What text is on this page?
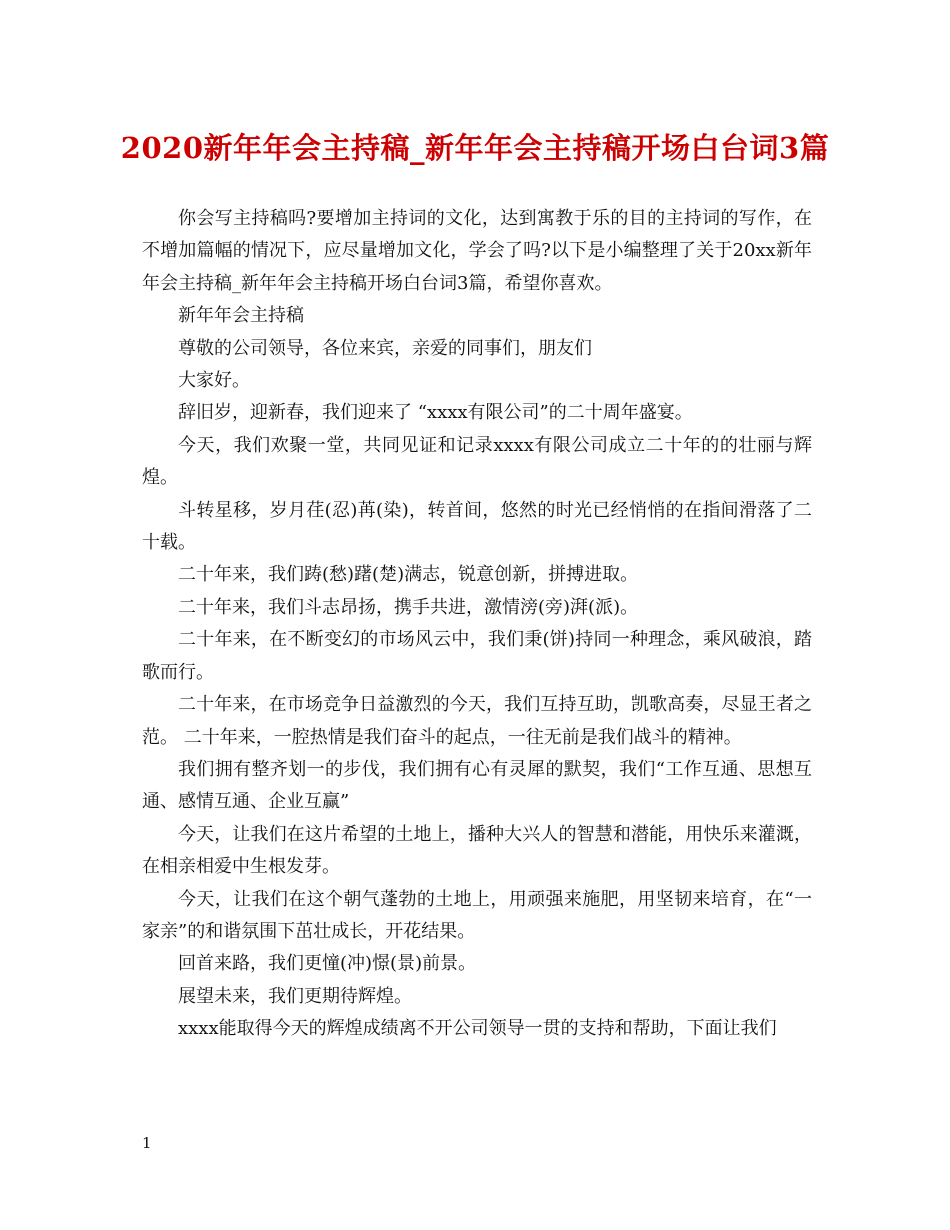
2020新年年会主持稿_新年年会主持稿开场白台词3篇

你会写主持稿吗?要增加主持词的文化，达到寓教于乐的目的主持词的写作，在不增加篇幅的情况下，应尽量增加文化，学会了吗?以下是小编整理了关于20xx新年年会主持稿_新年年会主持稿开场白台词3篇，希望你喜欢。

新年年会主持稿

尊敬的公司领导，各位来宾，亲爱的同事们，朋友们

大家好。

辞旧岁，迎新春，我们迎来了 “xxxx有限公司”的二十周年盛宴。

今天，我们欢聚一堂，共同见证和记录xxxx有限公司成立二十年的的壮丽与辉煌。

斗转星移，岁月荏(忍)苒(染)，转首间，悠然的时光已经悄悄的在指间滑落了二十载。

二十年来，我们踌(愁)躇(楚)满志，锐意创新，拼搏进取。

二十年来，我们斗志昂扬，携手共进，激情滂(旁)湃(派)。

二十年来，在不断变幻的市场风云中，我们秉(饼)持同一种理念，乘风破浪，踏歌而行。

二十年来，在市场竞争日益激烈的今天，我们互持互助，凯歌高奏，尽显王者之范。 二十年来，一腔热情是我们奋斗的起点，一往无前是我们战斗的精神。

我们拥有整齐划一的步伐，我们拥有心有灵犀的默契，我们“工作互通、思想互通、感情互通、企业互赢”

今天，让我们在这片希望的土地上，播种大兴人的智慧和潜能，用快乐来灌溉，在相亲相爱中生根发芽。

今天，让我们在这个朝气蓬勃的土地上，用顽强来施肥，用坚韧来培育，在“一家亲”的和谐氛围下茁壮成长，开花结果。

回首来路，我们更憧(冲)憬(景)前景。

展望未来，我们更期待辉煌。

xxxx能取得今天的辉煌成绩离不开公司领导一贯的支持和帮助，下面让我们

1
